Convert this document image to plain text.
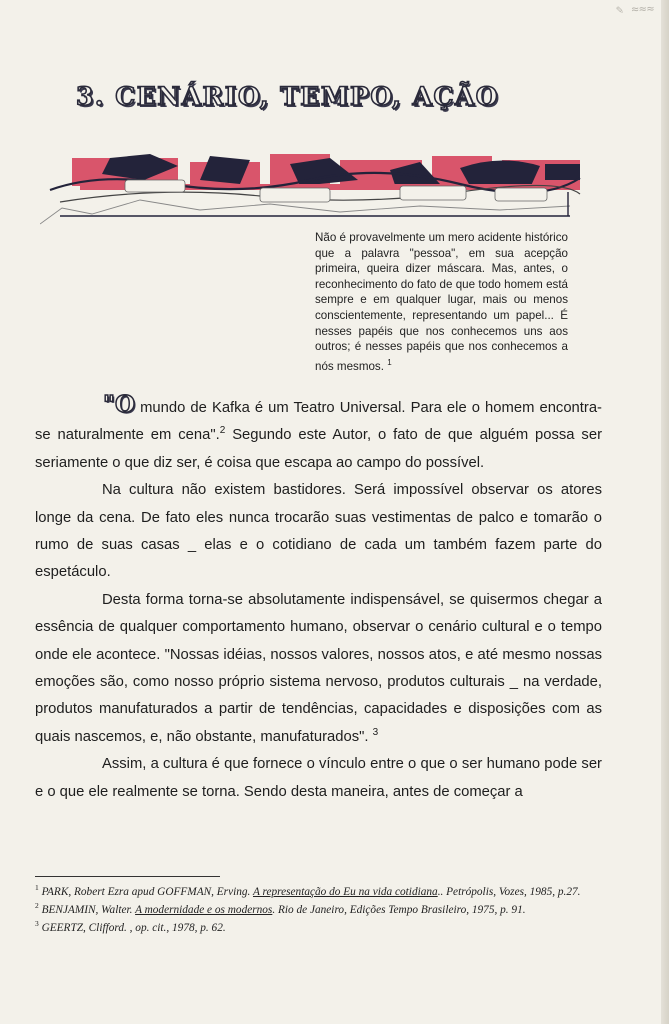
✎ ≈≈≈
3. CENÁRIO, TEMPO, AÇÃO
Não é provavelmente um mero acidente histórico que a palavra "pessoa", em sua acepção primeira, queira dizer máscara. Mas, antes, o reconhecimento do fato de que todo homem está sempre e em qualquer lugar, mais ou menos conscientemente, representando um papel... É nesses papéis que nos conhecemos uns aos outros; é nesses papéis que nos conhecemos a nós mesmos. $^1$

"O mundo de Kafka é um Teatro Universal. Para ele o homem encontra-se naturalmente em cena".$^2$ Segundo este Autor, o fato de que alguém possa ser seriamente o que diz ser, é coisa que escapa ao campo do possível.

Na cultura não existem bastidores. Será impossível observar os atores longe da cena. De fato eles nunca trocarão suas vestimentas de palco e tomarão o rumo de suas casas _ elas e o cotidiano de cada um também fazem parte do espetáculo.

Desta forma torna-se absolutamente indispensável, se quisermos chegar a essência de qualquer comportamento humano, observar o cenário cultural e o tempo onde ele acontece. "Nossas idéias, nossos valores, nossos atos, e até mesmo nossas emoções são, como nosso próprio sistema nervoso, produtos culturais _ na verdade, produtos manufaturados a partir de tendências, capacidades e disposições com as quais nascemos, e, não obstante, manufaturados". $^3$

Assim, a cultura é que fornece o vínculo entre o que o ser humano pode ser e o que ele realmente se torna. Sendo desta maneira, antes de começar a

$^1$ PARK, Robert Ezra apud GOFFMAN, Erving. A representação do Eu na vida cotidiana.. Petrópolis, Vozes, 1985, p.27.

$^2$ BENJAMIN, Walter. A modernidade e os modernos. Rio de Janeiro, Edições Tempo Brasileiro, 1975, p. 91.

$^3$ GEERTZ, Clifford. , op. cit., 1978, p. 62.
